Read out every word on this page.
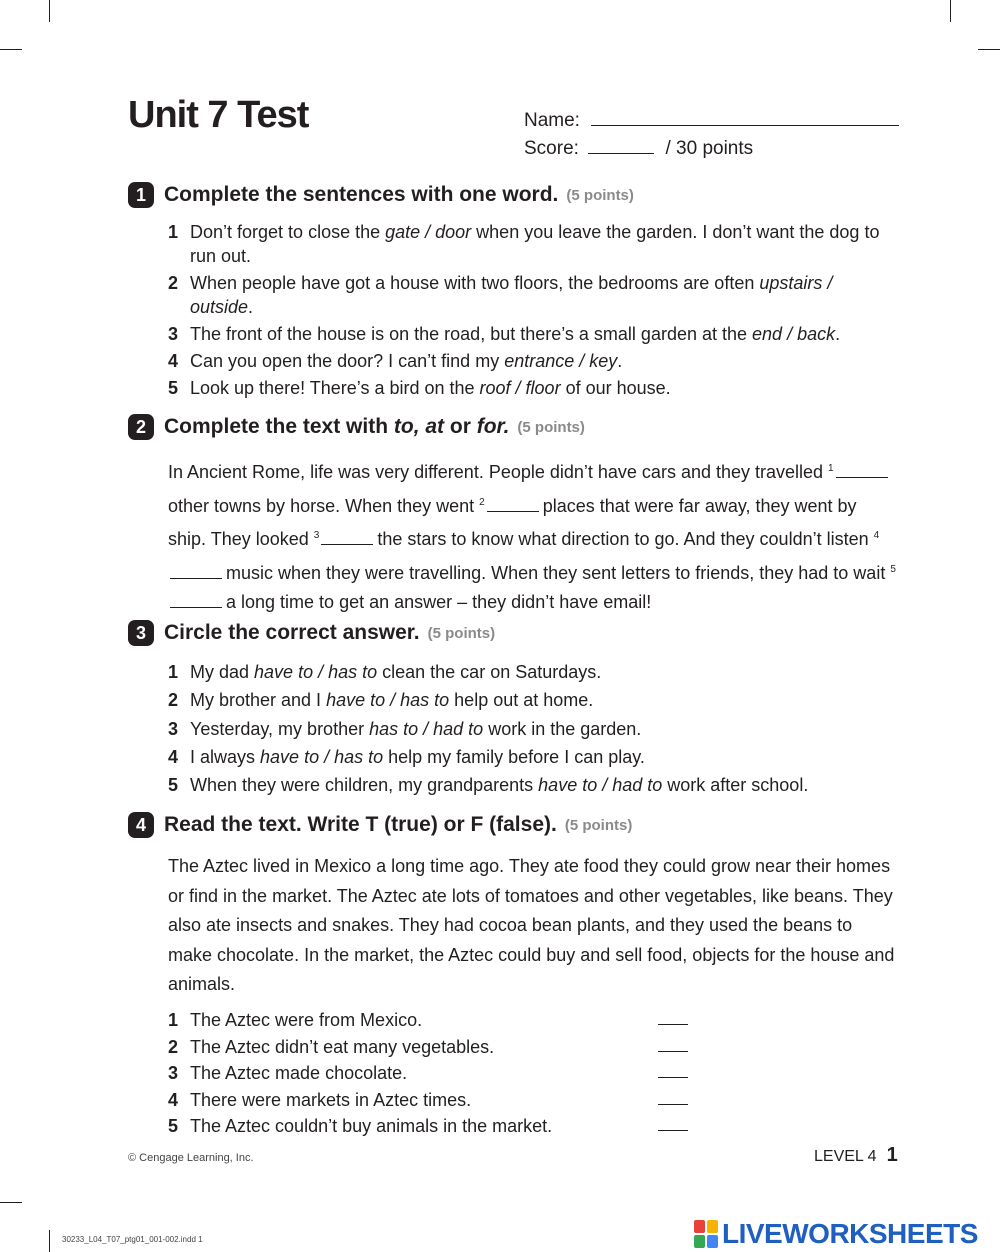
Unit 7 Test	Name:
Score:	/ 30 points
1 Complete the sentences with one word. (5 points)
1 Don’t forget to close the gate / door when you leave the garden. I don’t want the dog to run out.
2 When people have got a house with two floors, the bedrooms are often upstairs / outside.
3 The front of the house is on the road, but there’s a small garden at the end / back.
4 Can you open the door? I can’t find my entrance / key.
5 Look up there! There’s a bird on the roof / floor of our house.
2 Complete the text with
to, at
or
for. (5 points)
In Ancient Rome, life was very different. People didn’t have cars and they travelled $^1$other towns by horse. When they went $^2$	places that were far away, they went by ship. They looked $^3$	the stars to know what direction to go. And they couldn’t listen $^4$music when they were travelling. When they sent letters to friends, they had to wait $^5$a long time to get an answer – they didn’t have email!
3 Circle the correct answer. (5 points)
1 My dad have to / has to clean the car on Saturdays.
2 My brother and I have to / has to help out at home.
3 Yesterday, my brother has to / had to work in the garden.
4 I always have to / has to help my family before I can play.
5 When they were children, my grandparents have to / had to work after school.
4 Read the text. Write T (true) or F (false). (5 points)
The Aztec lived in Mexico a long time ago. They ate food they could grow near their homes or find in the market. The Aztec ate lots of tomatoes and other vegetables, like beans. They also ate insects and snakes. They had cocoa bean plants, and they used the beans to make chocolate. In the market, the Aztec could buy and sell food, objects for the house and animals.
1 The Aztec were from Mexico.
2 The Aztec didn’t eat many vegetables.
3 The Aztec made chocolate.
4 There were markets in Aztec times.
5 The Aztec couldn’t buy animals in the market.
© Cengage Learning, Inc.	LEVEL 4 1
30233_L04_T07_ptg01_001-002.indd 1	LIVEWORKSHEETS
